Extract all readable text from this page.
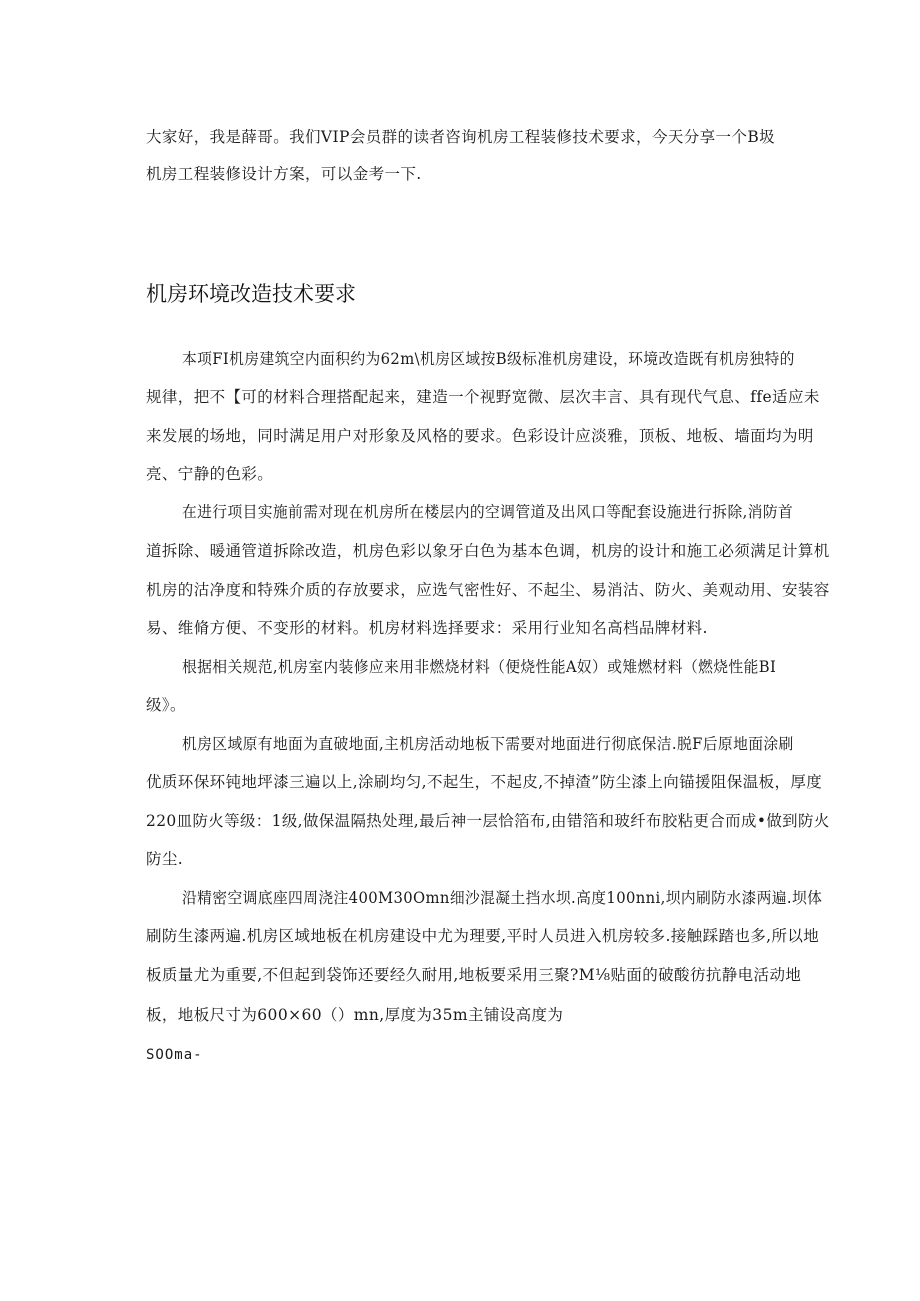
大家好，我是薛哥。我们VIP会员群的读者咨询机房工程装修技术要求，今天分享一个B圾
机房工程装修设计方案，可以金考一下.
机房环境改造技术要求
本项FI机房建筑空内面积约为62m\机房区域按B级标准机房建设，环境改造既有机房独特的
规律，把不【可的材料合理搭配起来，建造一个视野宽微、层次丰言、具有现代气息、ffe适应未
来发展的场地，同时满足用户对形象及风格的要求。色彩设计应淡雅，顶板、地板、墙面均为明
亮、宁静的色彩。
在进行项目实施前需对现在机房所在楼层内的空调管道及出风口等配套设施进行拆除,消防首
道拆除、暖通管道拆除改造，机房色彩以象牙白色为基本色调，机房的设计和施工必须满足计算机
机房的沽净度和特殊介质的存放要求，应选气密性好、不起尘、易消沽、防火、美观动用、安装容
易、维脩方便、不变形的材料。机房材料选择要求：采用行业知名高档品牌材料.
根据相关规范,机房室内装修应来用非燃烧材料（便烧性能A奴）或雉燃材料（燃烧性能BI
级》。
机房区域原有地面为直破地面,主机房活动地板下需要对地面进行彻底保洁.脱F后原地面涂刷
优质环保环钝地坪漆三遍以上,涂刷均匀,不起生，不起皮,不掉渣”防尘漆上向锚援阻保温板，厚度
220皿防火等级：1级,做保温隔热处理,最后神一层恰箔布,由错箔和玻纤布胶粘更合而成•做到防火
防尘.
沿精密空调底座四周浇注400M30Omn细沙混凝土挡水坝.高度100nni,坝内刷防水漆两遍.坝体
刷防生漆两遍.机房区域地板在机房建设中尤为理要,平时人员进入机房较多.接触踩踏也多,所以地
板质量尤为重要,不但起到袋饰还要经久耐用,地板要采用三聚?M⅛贴面的破酸彷抗静电活动地
板，地板尺寸为600×60（）mn,厚度为35m主铺设高度为
SOOma-
